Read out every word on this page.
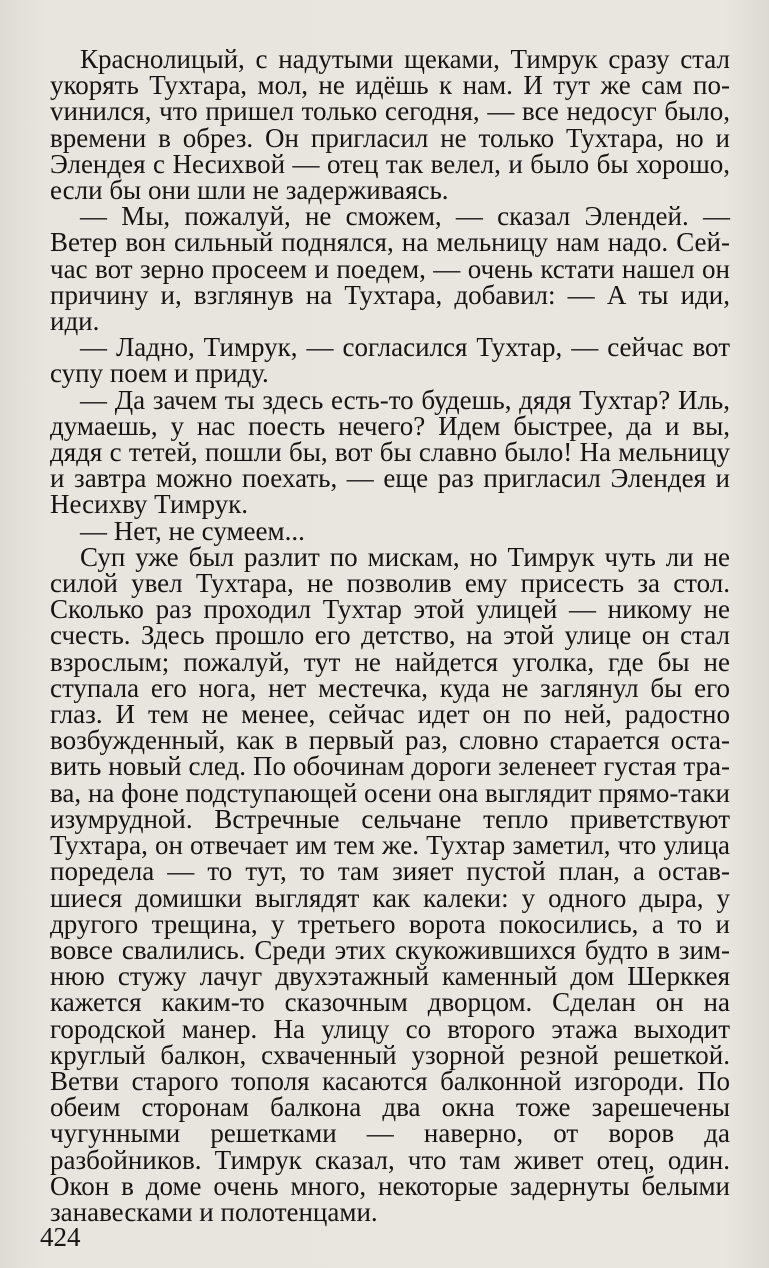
Краснолицый, с надутыми щеками, Тимрук сразу стал укорять Тухтара, мол, не идёшь к нам. И тут же сам поvинился, что пришел только сегодня, — все недосуг было, времени в обрез. Он пригласил не только Тухтара, но и Элендея с Несихвой — отец так велел, и было бы хорошо, если бы они шли не задерживаясь.

— Мы, пожалуй, не сможем, — сказал Элендей. — Ветер вон сильный поднялся, на мельницу нам надо. Сейчас вот зерно просеем и поедем, — очень кстати нашел он причину и, взглянув на Тухтара, добавил: — А ты иди, иди.

— Ладно, Тимрук, — согласился Тухтар, — сейчас вот супу поем и приду.

— Да зачем ты здесь есть-то будешь, дядя Тухтар? Иль, думаешь, у нас поесть нечего? Идем быстрее, да и вы, дядя с тетей, пошли бы, вот бы славно было! На мельницу и завтра можно поехать, — еще раз пригласил Элендея и Несихву Тимрук.

— Нет, не сумеем...

Суп уже был разлит по мискам, но Тимрук чуть ли не силой увел Тухтара, не позволив ему присесть за стол. Сколько раз проходил Тухтар этой улицей — никому не счесть. Здесь прошло его детство, на этой улице он стал взрослым; пожалуй, тут не найдется уголка, где бы не ступала его нога, нет местечка, куда не заглянул бы его глаз. И тем не менее, сейчас идет он по ней, радостно возбужденный, как в первый раз, словно старается оставить новый след. По обочинам дороги зеленеет густая трава, на фоне подступающей осени она выглядит прямо-таки изумрудной. Встречные сельчане тепло приветствуют Тухтара, он отвечает им тем же. Тухтар заметил, что улица поредела — то тут, то там зияет пустой план, а оставшиеся домишки выглядят как калеки: у одного дыра, у другого трещина, у третьего ворота покосились, а то и вовсе свалились. Среди этих скукожившихся будто в зимнюю стужу лачуг двухэтажный каменный дом Шерккея кажется каким-то сказочным дворцом. Сделан он на городской манер. На улицу со второго этажа выходит круглый балкон, схваченный узорной резной решеткой. Ветви старого тополя касаются балконной изгороди. По обеим сторонам балкона два окна тоже зарешечены чугунными решетками — наверно, от воров да разбойников. Тимрук сказал, что там живет отец, один. Окон в доме очень много, некоторые задернуты белыми занавесками и полотенцами.

424
